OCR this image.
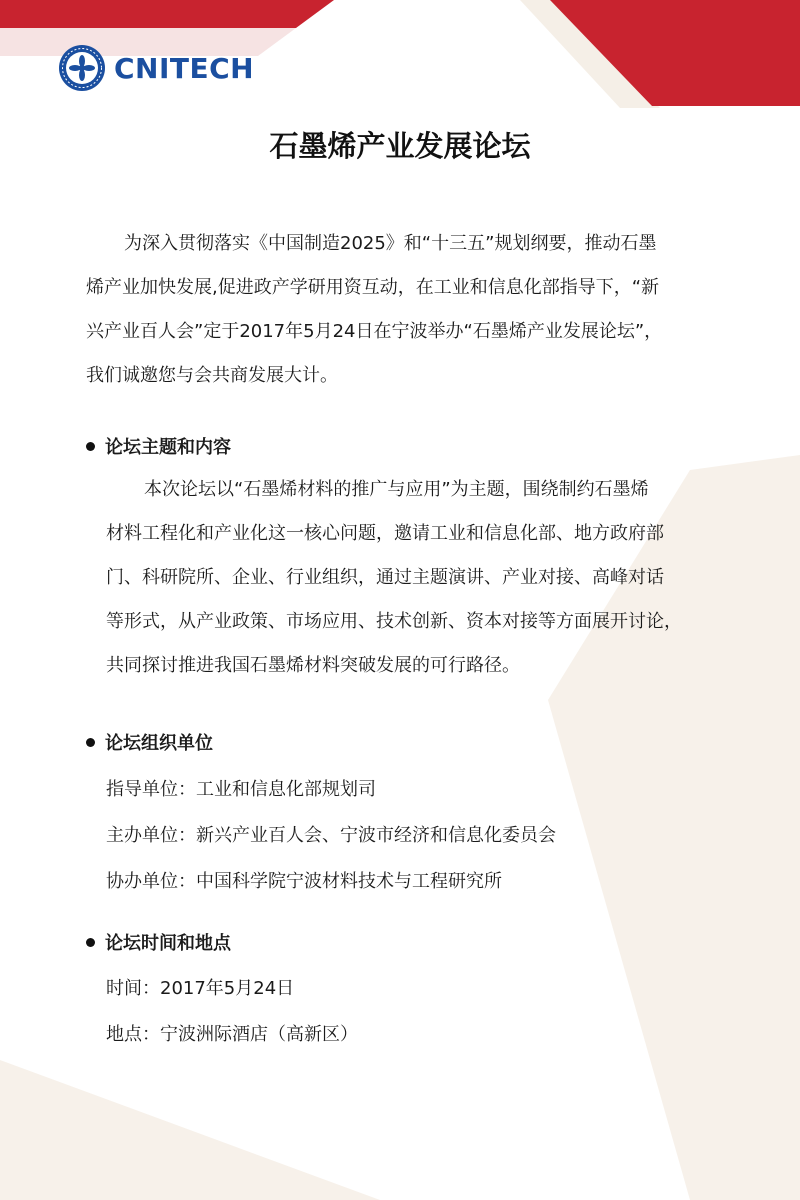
CNITECH
石墨烯产业发展论坛

为深入贯彻落实《中国制造2025》和“十三五”规划纲要，推动石墨
烯产业加快发展,促进政产学研用资互动，在工业和信息化部指导下，“新
兴产业百人会”定于2017年5月24日在宁波举办“石墨烯产业发展论坛”，
我们诚邀您与会共商发展大计。

论坛主题和内容

本次论坛以“石墨烯材料的推广与应用”为主题，围绕制约石墨烯
材料工程化和产业化这一核心问题，邀请工业和信息化部、地方政府部
门、科研院所、企业、行业组织，通过主题演讲、产业对接、高峰对话
等形式，从产业政策、市场应用、技术创新、资本对接等方面展开讨论，
共同探讨推进我国石墨烯材料突破发展的可行路径。

论坛组织单位
指导单位：工业和信息化部规划司
主办单位：新兴产业百人会、宁波市经济和信息化委员会
协办单位：中国科学院宁波材料技术与工程研究所
论坛时间和地点
时间：2017年5月24日
地点：宁波洲际酒店（高新区）
